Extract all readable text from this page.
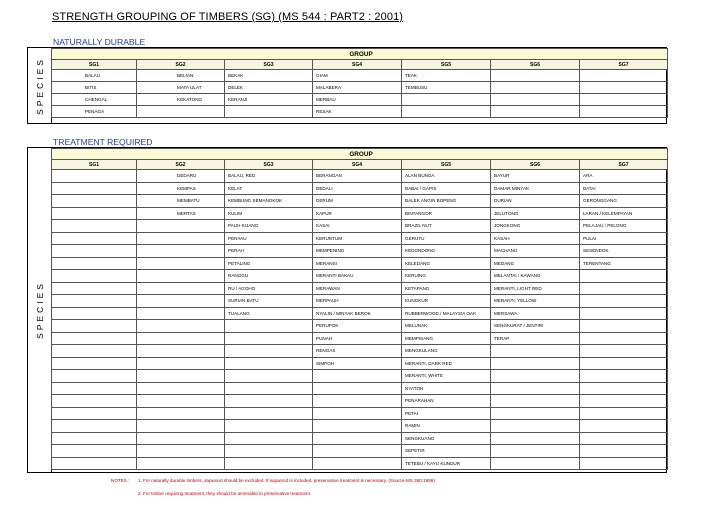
STRENGTH GROUPING OF TIMBERS (SG) (MS 544 : PART2 : 2001)
NATURALLY DURABLE
SPECIES
GROUP						
SG1	SG2	SG3	SG4	SG5	SG6	SG7
BALAU	BELIAN	BEKAK	GIAM	TEAK		
BITIS	MATA ULAT	DELEK	MALABERA	TEMBUSU		
CHENGAL	KEKATONG	KERANJI	MERBAU			
PENAGA			RESAK			
TREATMENT REQUIRED
SPECIES
GROUP						
SG1	SG2	SG3	SG4	SG5	SG6	SG7
	DEDARU	BALAU, RED	BERANGAN	ALAN BUNGA	BAYUR	ARA
	KEMPAS	KELAT	DEDALI	BABAI / GAPIS	DAMAR MINYAK	BATAI
	MEMBATU	KEMBUNG SEMANGKOK	DERUM	BALEK ANGIN BOPENG	DURIAN	GERONGGANG
	MERTAS	KULIM	KAPUR	BINTANGOR	JELUTONG	LARAN / KELEMPAYAN
		PAUH KIJANG	KASAI	BRAZIL NUT	JONGKONG	PELAJAU / PELONG
		PENYAU	KERUNTUM	GERUTU	KASAH	PULAI
		PERAH	MEMPENING	KEDONDONG	MACHANG	SESENDOK
		PETALING	MERANSI	KELEDANG	MEDANG	TERENTANG
		RANGGU	MERANTI BAKAU	KERUING	MELANTAI / KAWANG	
		RU / AGOHO	MERAWAN	KETAPANG	MERANTI, LIGHT RED	
		SURIAN BATU	MERPAUH	KUNGKUR	MERANTI, YELLOW	
		TUALANG	NYALIN / MINYAK BEROK	RUBBERWOOD / MALAYSIA OAK	MERSAWA	
			PERUPOK	MELUNAK	SENGKURAT / JENTIRI	
			PUNAH	MEMPISANG	TERAP	
			RENGAS	MENGKULANG		
			SIMPOH	MERANTI, DARK RED		
				MERANTI, WHITE		
				NYATOH		
				PENARAHAN		
				PETAI		
				RAMIN		
				SENGKUANG		
				SEPETIR		
				TETEBU / KAYU KUNDUR		
NOTES : 1. For naturally durable timbers, sapwood should be excluded. If sapwood is included, preservative treatment is necessary. (Source-MS 360:1986)
2. For timber requiring treatment, they should be amenable to preservative treatment.
